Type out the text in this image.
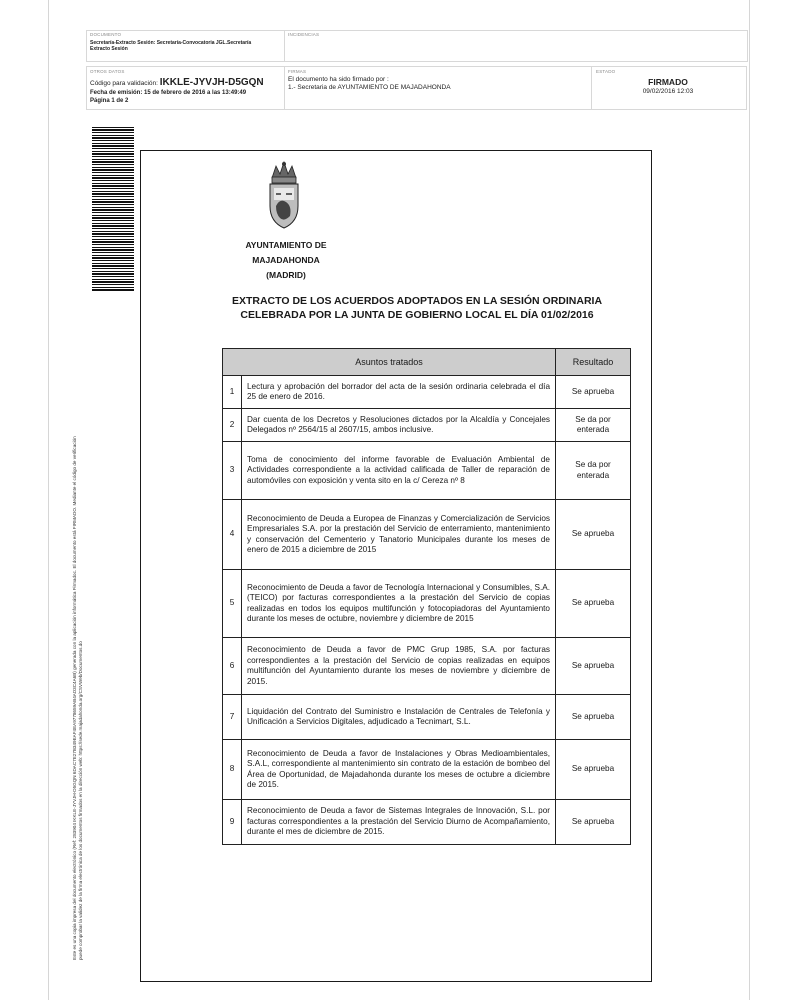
DOCUMENTO
Secretaría-Extracto Sesión: Secretaría-Convocatoria JGL.Secretaría Extracto Sesión
INCIDENCIAS
OTROS DATOS
Código para validación: IKKLE-JYVJH-D5GQN
Fecha de emisión: 15 de febrero de 2016 a las 13:49:49
Página 1 de 2
FIRMAS
El documento ha sido firmado por :
1.- Secretaria de AYUNTAMIENTO DE MAJADAHONDA
ESTADO
FIRMADO
09/02/2016 12:03
Este es una copia impresa del documento electrónico (Ref: 283904 IKKLE-JYVJH-D5GQN 6DAC7E27B349EAF4EA9778659AB4AD3C4A6B) generada con la aplicación informática Firmadoc. El documento está FIRMADO. Mediante el código de verificación puede comprobar la validez de la firma electrónica de los documentos firmados en la dirección web: https://sede.majadahonda.org/CSVWeb/Documentos.do
AYUNTAMIENTO DE
MAJADAHONDA
(MADRID)
EXTRACTO DE LOS ACUERDOS ADOPTADOS EN LA SESIÓN ORDINARIA
CELEBRADA POR LA JUNTA DE GOBIERNO LOCAL EL DÍA 01/02/2016
Asuntos tratados		Resultado
1	Lectura y aprobación del borrador del acta de la sesión ordinaria celebrada el día 25 de enero de 2016.	Se aprueba
2	Dar cuenta de los Decretos y Resoluciones dictados por la Alcaldía y Concejales Delegados nº 2564/15 al 2607/15, ambos inclusive.	Se da por enterada
3	Toma de conocimiento del informe favorable de Evaluación Ambiental de Actividades correspondiente a la actividad calificada de Taller de reparación de automóviles con exposición y venta sito en la c/ Cereza nº 8	Se da por enterada
4	Reconocimiento de Deuda a Europea de Finanzas y Comercialización de Servicios Empresariales S.A. por la prestación del Servicio de enterramiento, mantenimiento y conservación del Cementerio y Tanatorio Municipales durante los meses de enero de 2015 a diciembre de 2015	Se aprueba
5	Reconocimiento de Deuda a favor de Tecnología Internacional y Consumibles, S.A. (TEICO) por facturas correspondientes a la prestación del Servicio de copias realizadas en todos los equipos multifunción y fotocopiadoras del Ayuntamiento durante los meses de octubre, noviembre y diciembre de 2015	Se aprueba
6	Reconocimiento de Deuda a favor de PMC Grup 1985, S.A. por facturas correspondientes a la prestación del Servicio de copias realizadas en equipos multifunción del Ayuntamiento durante los meses de noviembre y diciembre de 2015.	Se aprueba
7	Liquidación del Contrato del Suministro e Instalación de Centrales de Telefonía y Unificación a Servicios Digitales, adjudicado a Tecnimart, S.L.	Se aprueba
8	Reconocimiento de Deuda a favor de Instalaciones y Obras Medioambientales, S.A.L, correspondiente al mantenimiento sin contrato de la estación de bombeo del Área de Oportunidad, de Majadahonda durante los meses de octubre a diciembre de 2015.	Se aprueba
9	Reconocimiento de Deuda a favor de Sistemas Integrales de Innovación, S.L. por facturas correspondientes a la prestación del Servicio Diurno de Acompañamiento, durante el mes de diciembre de 2015.	Se aprueba
